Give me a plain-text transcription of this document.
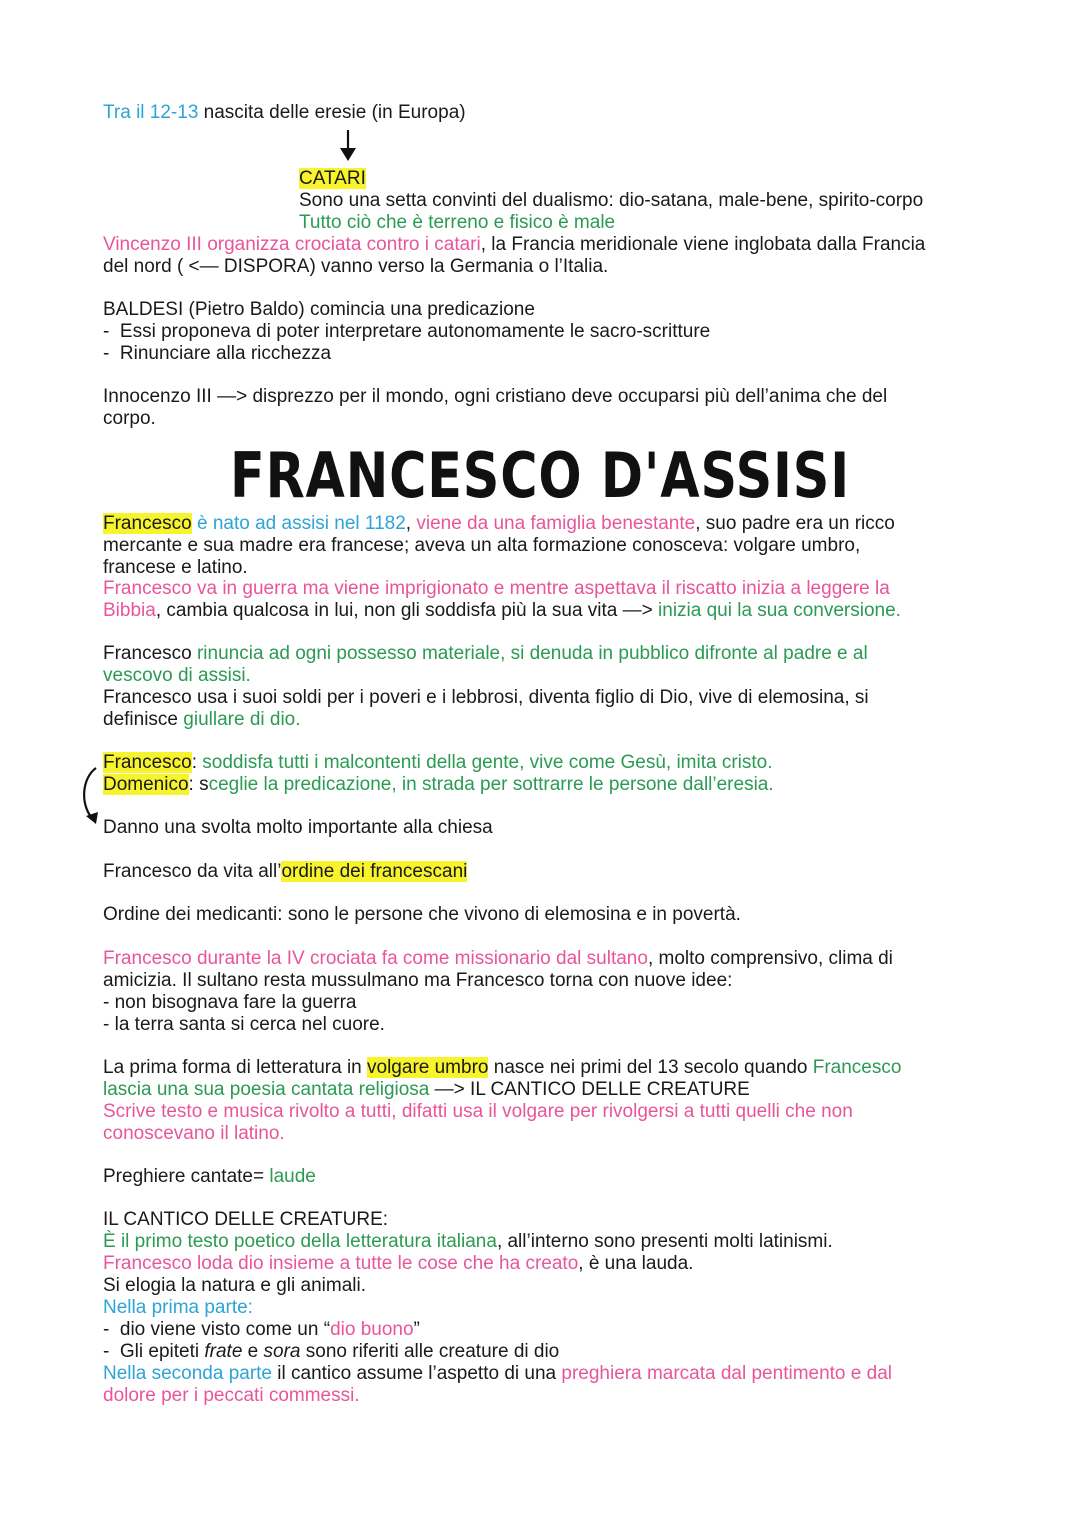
Tra il 12-13 nascita delle eresie (in Europa)
CATARI
Sono una setta convinti del dualismo: dio-satana, male-bene, spirito-corpo
Tutto ciò che è terreno e fisico è male
Vincenzo III organizza crociata contro i catari, la Francia meridionale viene inglobata dalla Francia
del nord ( <— DISPORA) vanno verso la Germania o l’Italia.
BALDESI (Pietro Baldo) comincia una predicazione
- Essi proponeva di poter interpretare autonomamente le sacro-scritture
- Rinunciare alla ricchezza
Innocenzo III —> disprezzo per il mondo, ogni cristiano deve occuparsi più dell’anima che del
corpo.
FRANCESCO D'ASSISI
Francesco è nato ad assisi nel 1182, viene da una famiglia benestante, suo padre era un ricco
mercante e sua madre era francese; aveva un alta formazione conosceva: volgare umbro,
francese e latino.
Francesco va in guerra ma viene imprigionato e mentre aspettava il riscatto inizia a leggere la
Bibbia, cambia qualcosa in lui, non gli soddisfa più la sua vita —> inizia qui la sua conversione.
Francesco rinuncia ad ogni possesso materiale, si denuda in pubblico difronte al padre e al
vescovo di assisi.
Francesco usa i suoi soldi per i poveri e i lebbrosi, diventa figlio di Dio, vive di elemosina, si
definisce giullare di dio.
Francesco: soddisfa tutti i malcontenti della gente, vive come Gesù, imita cristo.
Domenico: sceglie la predicazione, in strada per sottrarre le persone dall’eresia.
Danno una svolta molto importante alla chiesa
Francesco da vita all’ordine dei francescani
Ordine dei medicanti: sono le persone che vivono di elemosina e in povertà.
Francesco durante la IV crociata fa come missionario dal sultano, molto comprensivo, clima di
amicizia. Il sultano resta mussulmano ma Francesco torna con nuove idee:
- non bisognava fare la guerra
- la terra santa si cerca nel cuore.
La prima forma di letteratura in volgare umbro nasce nei primi del 13 secolo quando Francesco
lascia una sua poesia cantata religiosa —> IL CANTICO DELLE CREATURE
Scrive testo e musica rivolto a tutti, difatti usa il volgare per rivolgersi a tutti quelli che non
conoscevano il latino.
Preghiere cantate= laude
IL CANTICO DELLE CREATURE:
È il primo testo poetico della letteratura italiana, all’interno sono presenti molti latinismi.
Francesco loda dio insieme a tutte le cose che ha creato, è una lauda.
Si elogia la natura e gli animali.
Nella prima parte:
- dio viene visto come un “dio buono”
- Gli epiteti frate e sora sono riferiti alle creature di dio
Nella seconda parte il cantico assume l’aspetto di una preghiera marcata dal pentimento e dal
dolore per i peccati commessi.
